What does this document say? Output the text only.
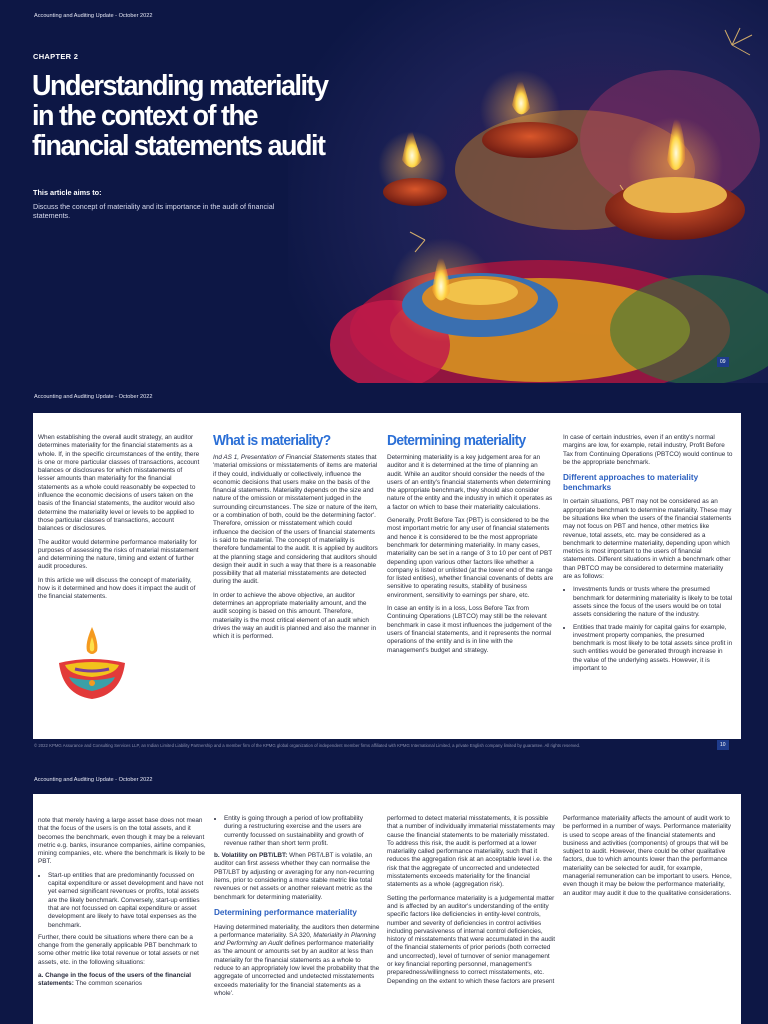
Accounting and Auditing Update - October 2022
CHAPTER 2
Understanding materiality in the context of the financial statements audit
This article aims to:
Discuss the concept of materiality and its importance in the audit of financial statements.
09
Accounting and Auditing Update - October 2022

When establishing the overall audit strategy, an auditor determines materiality for the financial statements as a whole. If, in the specific circumstances of the entity, there is one or more particular classes of transactions, account balances or disclosures for which misstatements of lesser amounts than materiality for the financial statements as a whole could reasonably be expected to influence the economic decisions of users taken on the basis of the financial statements, the auditor would also determine the materiality level or levels to be applied to those particular classes of transactions, account balances or disclosures.

The auditor would determine performance materiality for purposes of assessing the risks of material misstatement and determining the nature, timing and extent of further audit procedures.

In this article we will discuss the concept of materiality, how is it determined and how does it impact the audit of the financial statements.

What is materiality?

Ind AS 1, Presentation of Financial Statements states that 'material omissions or misstatements of items are material if they could, individually or collectively, influence the economic decisions that users make on the basis of the financial statements. Materiality depends on the size and nature of the omission or misstatement judged in the surrounding circumstances. The size or nature of the item, or a combination of both, could be the determining factor'. Therefore, omission or misstatement which could influence the decision of the users of financial statements is said to be material. The concept of materiality is therefore fundamental to the audit. It is applied by auditors at the planning stage and considering that auditors should design their audit in such a way that there is a reasonable possibility that all material misstatements are detected during the audit.

In order to achieve the above objective, an auditor determines an appropriate materiality amount, and the audit scoping is based on this amount. Therefore, materiality is the most critical element of an audit which drives the way an audit is planned and also the manner in which it is performed.

Determining materiality

Determining materiality is a key judgement area for an auditor and it is determined at the time of planning an audit. While an auditor should consider the needs of the users of an entity's financial statements when determining the appropriate benchmark, they should also consider nature of the entity and the industry in which it operates as a factor on which to base their materiality calculations.

Generally, Profit Before Tax (PBT) is considered to be the most important metric for any user of financial statements and hence it is considered to be the most appropriate benchmark for determining materiality. In many cases, materiality can be set in a range of 3 to 10 per cent of PBT depending upon various other factors like whether a company is listed or unlisted (at the lower end of the range for listed entities), whether financial covenants of debts are sensitive to operating results, stability of business environment, sensitivity to earnings per share, etc.

In case an entity is in a loss, Loss Before Tax from Continuing Operations (LBTCO) may still be the relevant benchmark in case it most influences the judgement of the users of financial statements, and it represents the normal operations of the entity and is in line with the management's budget and strategy.

In case of certain industries, even if an entity's normal margins are low, for example, retail industry, Profit Before Tax from Continuing Operations (PBTCO) would continue to be the appropriate benchmark.

Different approaches to materiality benchmarks

In certain situations, PBT may not be considered as an appropriate benchmark to determine materiality. These may be situations like when the users of the financial statements may not focus on PBT and hence, other metrics like revenue, total assets, etc. may be considered as a benchmark to determine materiality, depending upon which metrics is most important to the users of financial statements. Different situations in which a benchmark other than PBTCO may be considered to determine materiality are as follows:

• Investments funds or trusts where the presumed benchmark for determining materiality is likely to be total assets since the focus of the users would be on total assets considering the nature of the industry.
• Entities that trade mainly for capital gains for example, investment property companies, the presumed benchmark is most likely to be total assets since profit in such entities would be generated through increase in the value of the underlying assets. However, it is important to
© 2022 KPMG Assurance and Consulting Services LLP, an Indian Limited Liability Partnership and a member firm of the KPMG global organization of independent member firms affiliated with KPMG International Limited, a private English company limited by guarantee. All rights reserved.	10
Accounting and Auditing Update - October 2022

note that merely having a large asset base does not mean that the focus of the users is on the total assets, and it becomes the benchmark, even though it may be a relevant metric e.g. banks, insurance companies, airline companies, mining companies, etc. where the benchmark is likely to be PBT.

• Start-up entities that are predominantly focussed on capital expenditure or asset development and have not yet earned significant revenues or profits, total assets are the likely benchmark. Conversely, start-up entities that are not focussed on capital expenditure or asset development are likely to have total expenses as the benchmark.

Further, there could be situations where there can be a change from the generally applicable PBT benchmark to some other metric like total revenue or total assets or net assets, etc. in the following situations:

a. Change in the focus of the users of the financial statements: The common scenarios

• Entity is going through a period of low profitability during a restructuring exercise and the users are currently focussed on sustainability and growth of revenue rather than short term profit.

b. Volatility on PBT/LBT: When PBT/LBT is volatile, an auditor can first assess whether they can normalise the PBT/LBT by adjusting or averaging for any non-recurring items, prior to considering a more stable metric like total revenues or net assets or another relevant metric as the benchmark for determining materiality.

Determining performance materiality

Having determined materiality, the auditors then determine a performance materiality. SA 320, Materiality in Planning and Performing an Audit defines performance materiality as 'the amount or amounts set by an auditor at less than materiality for the financial statements as a whole to reduce to an appropriately low level the probability that the aggregate of uncorrected and undetected misstatements exceeds materiality for the financial statements as a whole'.

performed to detect material misstatements, it is possible that a number of individually immaterial misstatements may cause the financial statements to be materially misstated. To address this risk, the audit is performed at a lower materiality called performance materiality, such that it reduces the aggregation risk at an acceptable level i.e. the risk that the aggregate of uncorrected and undetected misstatements exceeds materiality for the financial statements as a whole (aggregation risk).

Setting the performance materiality is a judgemental matter and is affected by an auditor's understanding of the entity specific factors like deficiencies in entity-level controls, number and severity of deficiencies in control activities including pervasiveness of internal control deficiencies, history of misstatements that were accumulated in the audit of the financial statements of prior periods (both corrected and uncorrected), level of turnover of senior management or key financial reporting personnel, management's preparedness/willingness to correct misstatements, etc. Depending on the extent to which these factors are present

Performance materiality affects the amount of audit work to be performed in a number of ways. Performance materiality is used to scope areas of the financial statements and business and activities (components) of groups that will be subject to audit. However, there could be other qualitative factors, due to which amounts lower than the performance materiality can be selected for audit, for example, managerial remuneration can be important to users. Hence, even though it may be below the performance materiality, an auditor may audit it due to the qualitative considerations.
